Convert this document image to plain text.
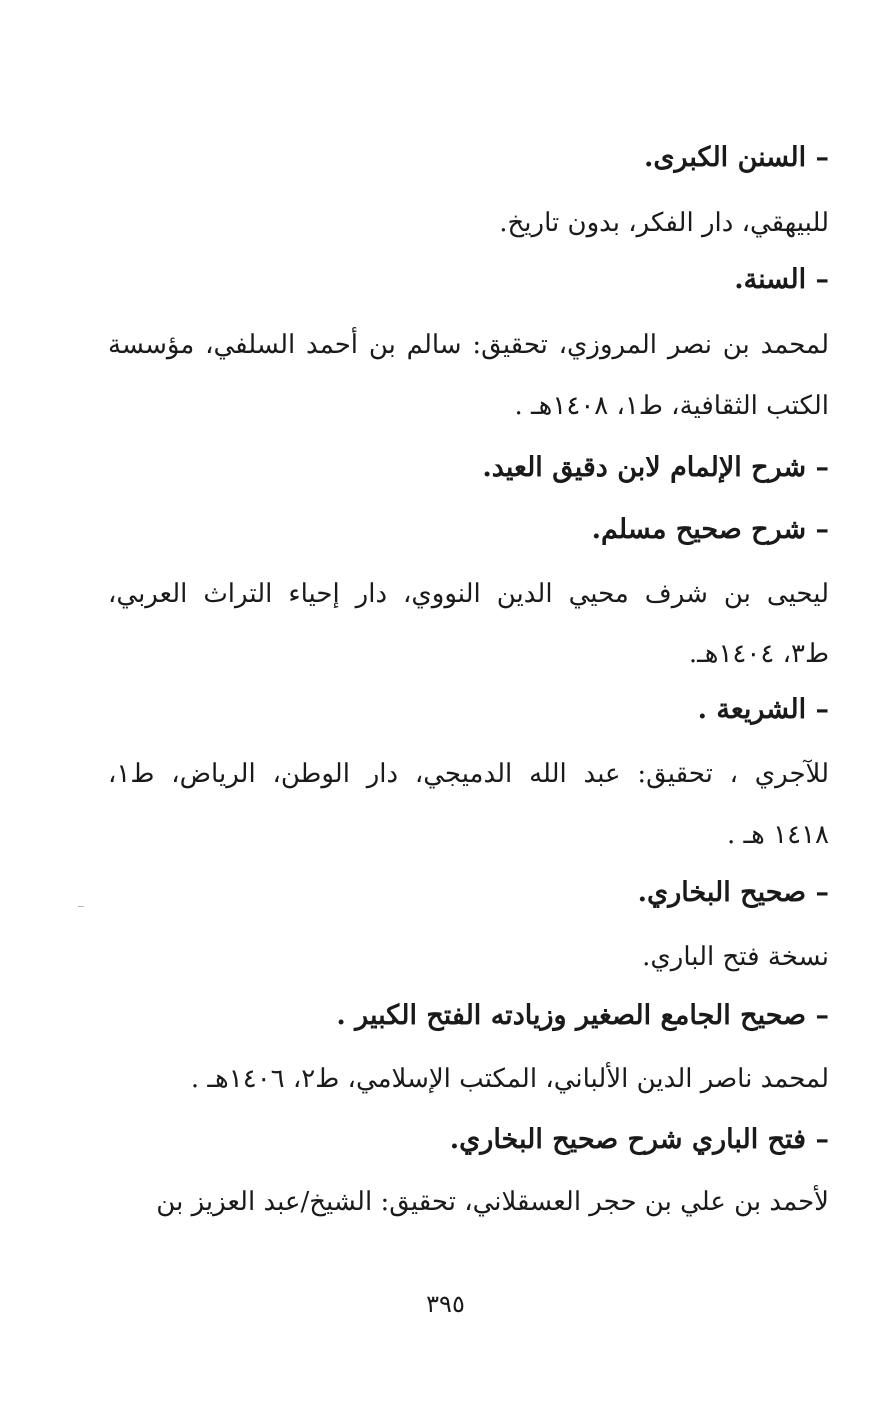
– السنن الكبرى.
للبيهقي، دار الفكر، بدون تاريخ.
– السنة.
لمحمد بن نصر المروزي، تحقيق: سالم بن أحمد السلفي، مؤسسة
الكتب الثقافية، ط١، ١٤٠٨هـ .
– شرح الإلمام لابن دقيق العيد.
– شرح صحيح مسلم.
ليحيى بن شرف محيي الدين النووي، دار إحياء التراث العربي،
ط٣، ١٤٠٤هـ.
– الشريعة .
للآجري ، تحقيق: عبد الله الدميجي، دار الوطن، الرياض، ط١،
١٤١٨ هـ .
– صحيح البخاري.
نسخة فتح الباري.
– صحيح الجامع الصغير وزيادته الفتح الكبير .
لمحمد ناصر الدين الألباني، المكتب الإسلامي، ط٢، ١٤٠٦هـ .
– فتح الباري شرح صحيح البخاري.
لأحمد بن علي بن حجر العسقلاني، تحقيق: الشيخ/عبد العزيز بن
٣٩٥
